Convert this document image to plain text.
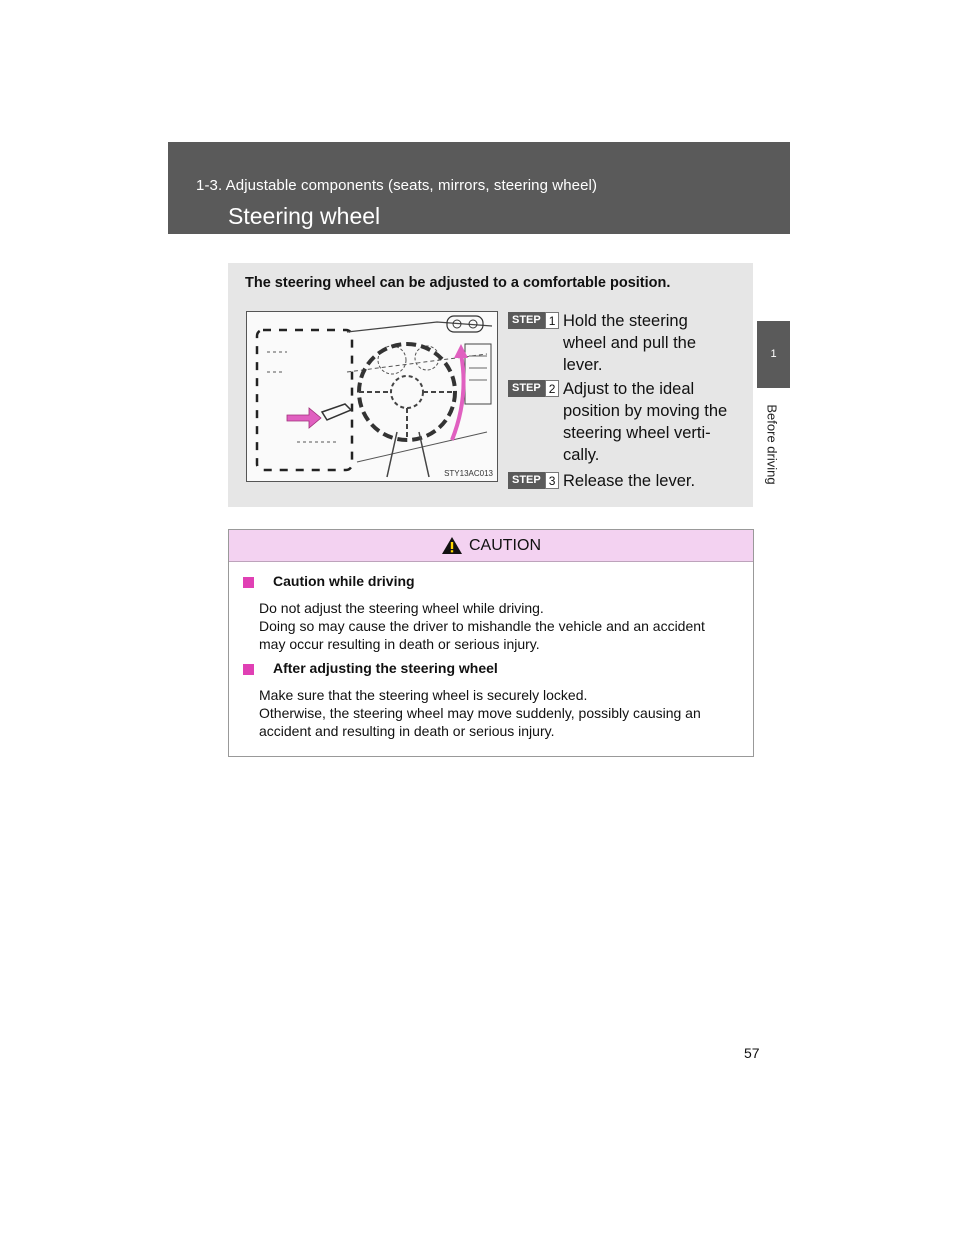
1-3. Adjustable components (seats, mirrors, steering wheel)
Steering wheel
1
Before driving
The steering wheel can be adjusted to a comfortable position.
STY13AC013
STEP 1 Hold the steering
wheel and pull the
lever.
STEP 2 Adjust to the ideal
position by moving the
steering wheel verti-
cally.
STEP 3 Release the lever.
CAUTION
Caution while driving
Do not adjust the steering wheel while driving.
Doing so may cause the driver to mishandle the vehicle and an accident
may occur resulting in death or serious injury.
After adjusting the steering wheel
Make sure that the steering wheel is securely locked.
Otherwise, the steering wheel may move suddenly, possibly causing an
accident and resulting in death or serious injury.
57
